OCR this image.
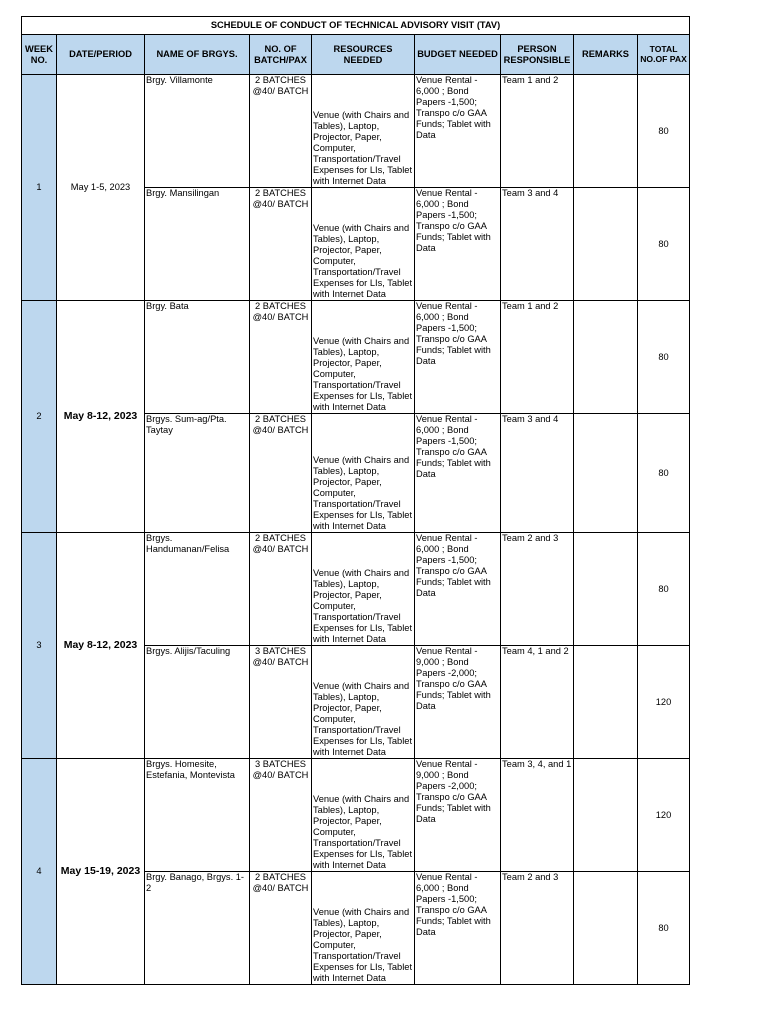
SCHEDULE OF CONDUCT OF TECHNICAL ADVISORY VISIT (TAV)								
WEEK NO.	DATE/PERIOD	NAME OF BRGYS.	NO. OF BATCH/PAX	RESOURCES NEEDED	BUDGET NEEDED	PERSON RESPONSIBLE	REMARKS	TOTAL NO.OF PAX
1	May 1-5, 2023	Brgy. Villamonte	2 BATCHES @40/ BATCH	Venue (with Chairs and Tables), Laptop, Projector, Paper, Computer, Transportation/Travel Expenses for LIs, Tablet with Internet Data	Venue Rental - 6,000 ; Bond Papers -1,500; Transpo c/o GAA Funds; Tablet with Data	Team 1 and 2		80
		Brgy. Mansilingan	2 BATCHES @40/ BATCH	Venue (with Chairs and Tables), Laptop, Projector, Paper, Computer, Transportation/Travel Expenses for LIs, Tablet with Internet Data	Venue Rental - 6,000 ; Bond Papers -1,500; Transpo c/o GAA Funds; Tablet with Data	Team 3 and 4		80
2	May 8-12, 2023	Brgy. Bata	2 BATCHES @40/ BATCH	Venue (with Chairs and Tables), Laptop, Projector, Paper, Computer, Transportation/Travel Expenses for LIs, Tablet with Internet Data	Venue Rental - 6,000 ; Bond Papers -1,500; Transpo c/o GAA Funds; Tablet with Data	Team 1 and 2		80
		Brgys. Sum-ag/Pta. Taytay	2 BATCHES @40/ BATCH	Venue (with Chairs and Tables), Laptop, Projector, Paper, Computer, Transportation/Travel Expenses for LIs, Tablet with Internet Data	Venue Rental - 6,000 ; Bond Papers -1,500; Transpo c/o GAA Funds; Tablet with Data	Team 3 and 4		80
3	May 8-12, 2023	Brgys. Handumanan/Felisa	2 BATCHES @40/ BATCH	Venue (with Chairs and Tables), Laptop, Projector, Paper, Computer, Transportation/Travel Expenses for LIs, Tablet with Internet Data	Venue Rental - 6,000 ; Bond Papers -1,500; Transpo c/o GAA Funds; Tablet with Data	Team 2 and 3		80
		Brgys. Alijis/Taculing	3 BATCHES @40/ BATCH	Venue (with Chairs and Tables), Laptop, Projector, Paper, Computer, Transportation/Travel Expenses for LIs, Tablet with Internet Data	Venue Rental - 9,000 ; Bond Papers -2,000; Transpo c/o GAA Funds; Tablet with Data	Team 4, 1 and 2		120
4	May 15-19, 2023	Brgys. Homesite, Estefania, Montevista	3 BATCHES @40/ BATCH	Venue (with Chairs and Tables), Laptop, Projector, Paper, Computer, Transportation/Travel Expenses for LIs, Tablet with Internet Data	Venue Rental - 9,000 ; Bond Papers -2,000; Transpo c/o GAA Funds; Tablet with Data	Team 3, 4, and 1		120
		Brgy. Banago, Brgys. 1-2	2 BATCHES @40/ BATCH	Venue (with Chairs and Tables), Laptop, Projector, Paper, Computer, Transportation/Travel Expenses for LIs, Tablet with Internet Data	Venue Rental - 6,000 ; Bond Papers -1,500; Transpo c/o GAA Funds; Tablet with Data	Team 2 and 3		80
